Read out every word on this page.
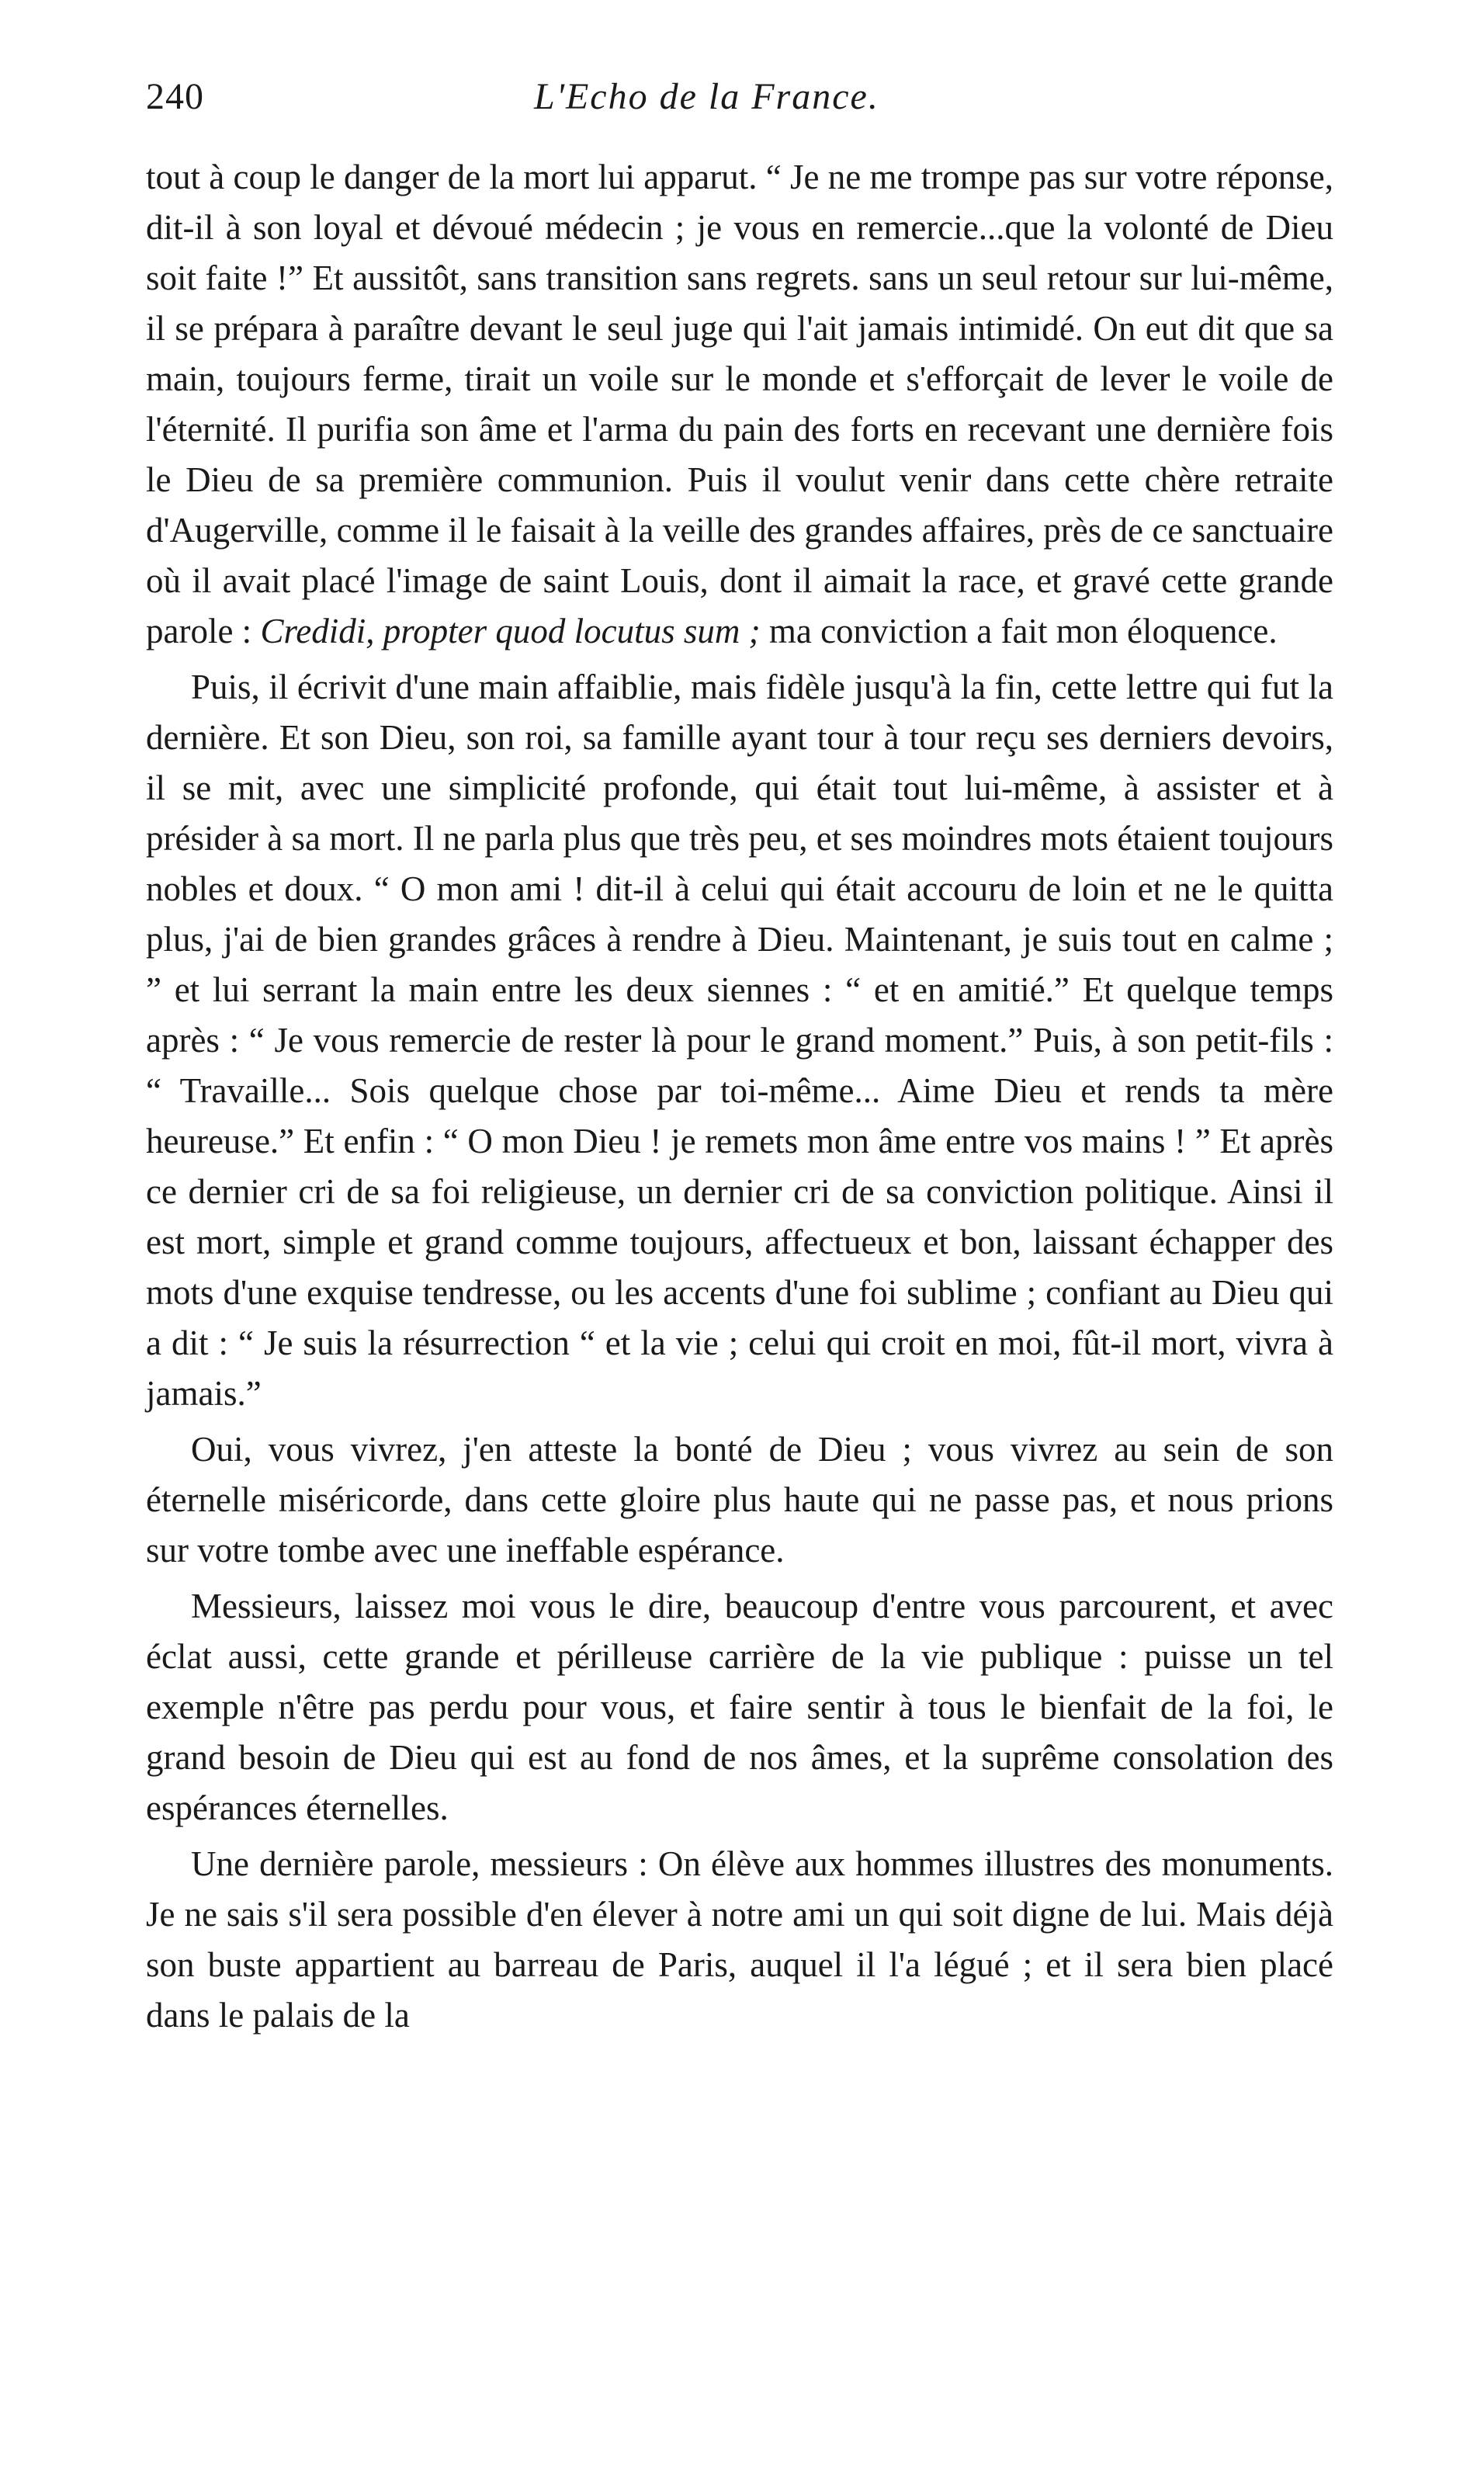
240	L'Echo de la France.

tout à coup le danger de la mort lui apparut. “ Je ne me trompe pas sur votre réponse, dit-il à son loyal et dévoué médecin ; je vous en remercie...que la volonté de Dieu soit faite !” Et aussitôt, sans transition sans regrets. sans un seul retour sur lui-même, il se prépara à paraître devant le seul juge qui l'ait jamais intimidé. On eut dit que sa main, toujours ferme, tirait un voile sur le monde et s'efforçait de lever le voile de l'éternité. Il purifia son âme et l'arma du pain des forts en recevant une dernière fois le Dieu de sa première communion. Puis il voulut venir dans cette chère retraite d'Augerville, comme il le faisait à la veille des grandes affaires, près de ce sanctuaire où il avait placé l'image de saint Louis, dont il aimait la race, et gravé cette grande parole : Credidi, propter quod locutus sum ; ma conviction a fait mon éloquence.

Puis, il écrivit d'une main affaiblie, mais fidèle jusqu'à la fin, cette lettre qui fut la dernière. Et son Dieu, son roi, sa famille ayant tour à tour reçu ses derniers devoirs, il se mit, avec une simplicité profonde, qui était tout lui-même, à assister et à présider à sa mort. Il ne parla plus que très peu, et ses moindres mots étaient toujours nobles et doux. “ O mon ami ! dit-il à celui qui était accouru de loin et ne le quitta plus, j'ai de bien grandes grâces à rendre à Dieu. Maintenant, je suis tout en calme ; ” et lui serrant la main entre les deux siennes : “ et en amitié.” Et quelque temps après : “ Je vous remercie de rester là pour le grand moment.” Puis, à son petit-fils : “ Travaille... Sois quelque chose par toi-même... Aime Dieu et rends ta mère heureuse.” Et enfin : “ O mon Dieu ! je remets mon âme entre vos mains ! ” Et après ce dernier cri de sa foi religieuse, un dernier cri de sa conviction politique. Ainsi il est mort, simple et grand comme toujours, affectueux et bon, laissant échapper des mots d'une exquise tendresse, ou les accents d'une foi sublime ; confiant au Dieu qui a dit : “ Je suis la résurrection “ et la vie ; celui qui croit en moi, fût-il mort, vivra à jamais.”

Oui, vous vivrez, j'en atteste la bonté de Dieu ; vous vivrez au sein de son éternelle miséricorde, dans cette gloire plus haute qui ne passe pas, et nous prions sur votre tombe avec une ineffable espérance.

Messieurs, laissez moi vous le dire, beaucoup d'entre vous parcourent, et avec éclat aussi, cette grande et périlleuse carrière de la vie publique : puisse un tel exemple n'être pas perdu pour vous, et faire sentir à tous le bienfait de la foi, le grand besoin de Dieu qui est au fond de nos âmes, et la suprême consolation des espérances éternelles.

Une dernière parole, messieurs : On élève aux hommes illustres des monuments. Je ne sais s'il sera possible d'en élever à notre ami un qui soit digne de lui. Mais déjà son buste appartient au barreau de Paris, auquel il l'a légué ; et il sera bien placé dans le palais de la
